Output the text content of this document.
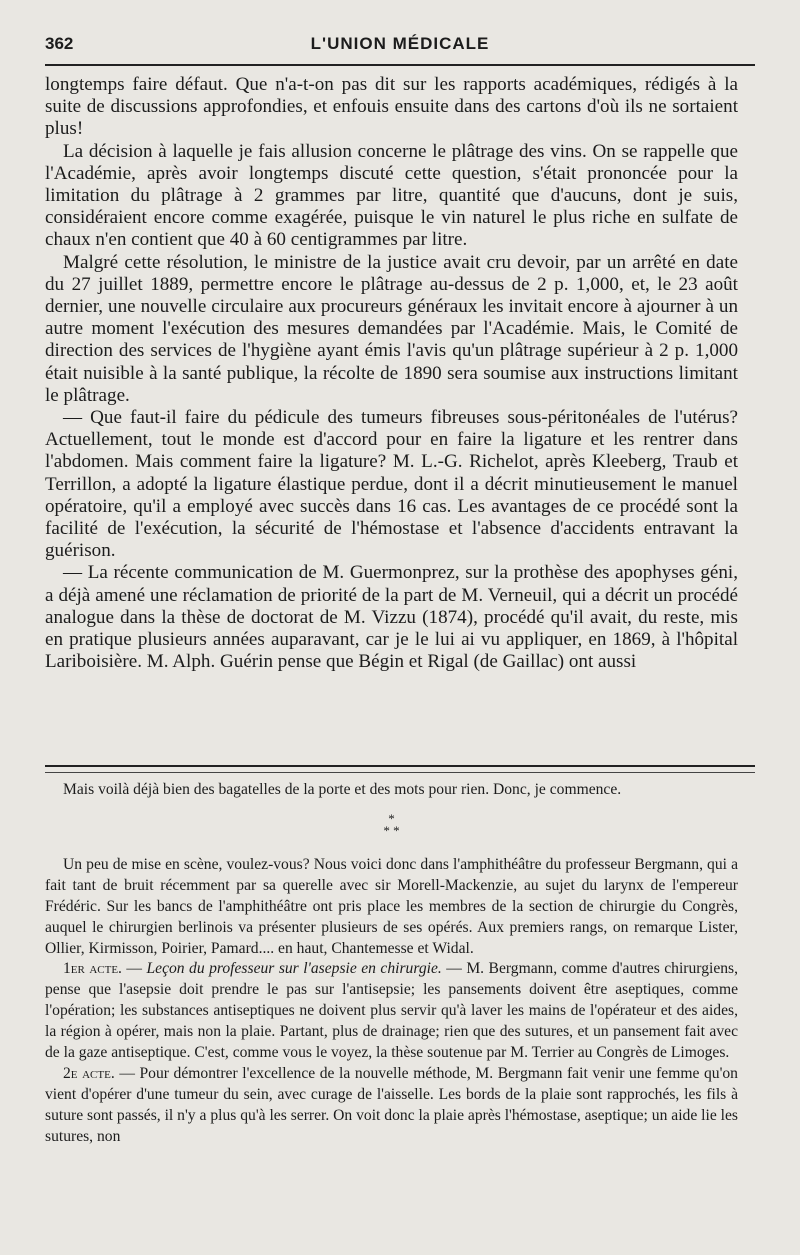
362	L'UNION MÉDICALE

longtemps faire défaut. Que n'a-t-on pas dit sur les rapports académiques, rédigés à la suite de discussions approfondies, et enfouis ensuite dans des cartons d'où ils ne sortaient plus!

La décision à laquelle je fais allusion concerne le plâtrage des vins. On se rappelle que l'Académie, après avoir longtemps discuté cette question, s'était prononcée pour la limitation du plâtrage à 2 grammes par litre, quantité que d'aucuns, dont je suis, considéraient encore comme exagérée, puisque le vin naturel le plus riche en sulfate de chaux n'en contient que 40 à 60 centigrammes par litre.

Malgré cette résolution, le ministre de la justice avait cru devoir, par un arrêté en date du 27 juillet 1889, permettre encore le plâtrage au-dessus de 2 p. 1,000, et, le 23 août dernier, une nouvelle circulaire aux procureurs généraux les invitait encore à ajourner à un autre moment l'exécution des mesures demandées par l'Académie. Mais, le Comité de direction des services de l'hygiène ayant émis l'avis qu'un plâtrage supérieur à 2 p. 1,000 était nuisible à la santé publique, la récolte de 1890 sera soumise aux instructions limitant le plâtrage.

— Que faut-il faire du pédicule des tumeurs fibreuses sous-péritonéales de l'utérus? Actuellement, tout le monde est d'accord pour en faire la ligature et les rentrer dans l'abdomen. Mais comment faire la ligature? M. L.-G. Richelot, après Kleeberg, Traub et Terrillon, a adopté la ligature élastique perdue, dont il a décrit minutieusement le manuel opératoire, qu'il a employé avec succès dans 16 cas. Les avantages de ce procédé sont la facilité de l'exécution, la sécurité de l'hémostase et l'absence d'accidents entravant la guérison.

— La récente communication de M. Guermonprez, sur la prothèse des apophyses géni, a déjà amené une réclamation de priorité de la part de M. Verneuil, qui a décrit un procédé analogue dans la thèse de doctorat de M. Vizzu (1874), procédé qu'il avait, du reste, mis en pratique plusieurs années auparavant, car je le lui ai vu appliquer, en 1869, à l'hôpital Lariboisière. M. Alph. Guérin pense que Bégin et Rigal (de Gaillac) ont aussi

Mais voilà déjà bien des bagatelles de la porte et des mots pour rien. Donc, je commence.

*
* *

Un peu de mise en scène, voulez-vous? Nous voici donc dans l'amphithéâtre du professeur Bergmann, qui a fait tant de bruit récemment par sa querelle avec sir Morell-Mackenzie, au sujet du larynx de l'empereur Frédéric. Sur les bancs de l'amphithéâtre ont pris place les membres de la section de chirurgie du Congrès, auquel le chirurgien berlinois va présenter plusieurs de ses opérés. Aux premiers rangs, on remarque Lister, Ollier, Kirmisson, Poirier, Pamard.... en haut, Chantemesse et Widal.

1er acte. — Leçon du professeur sur l'asepsie en chirurgie. — M. Bergmann, comme d'autres chirurgiens, pense que l'asepsie doit prendre le pas sur l'antisepsie; les pansements doivent être aseptiques, comme l'opération; les substances antiseptiques ne doivent plus servir qu'à laver les mains de l'opérateur et des aides, la région à opérer, mais non la plaie. Partant, plus de drainage; rien que des sutures, et un pansement fait avec de la gaze antiseptique. C'est, comme vous le voyez, la thèse soutenue par M. Terrier au Congrès de Limoges.

2e acte. — Pour démontrer l'excellence de la nouvelle méthode, M. Bergmann fait venir une femme qu'on vient d'opérer d'une tumeur du sein, avec curage de l'aisselle. Les bords de la plaie sont rapprochés, les fils à suture sont passés, il n'y a plus qu'à les serrer. On voit donc la plaie après l'hémostase, aseptique; un aide lie les sutures, non
